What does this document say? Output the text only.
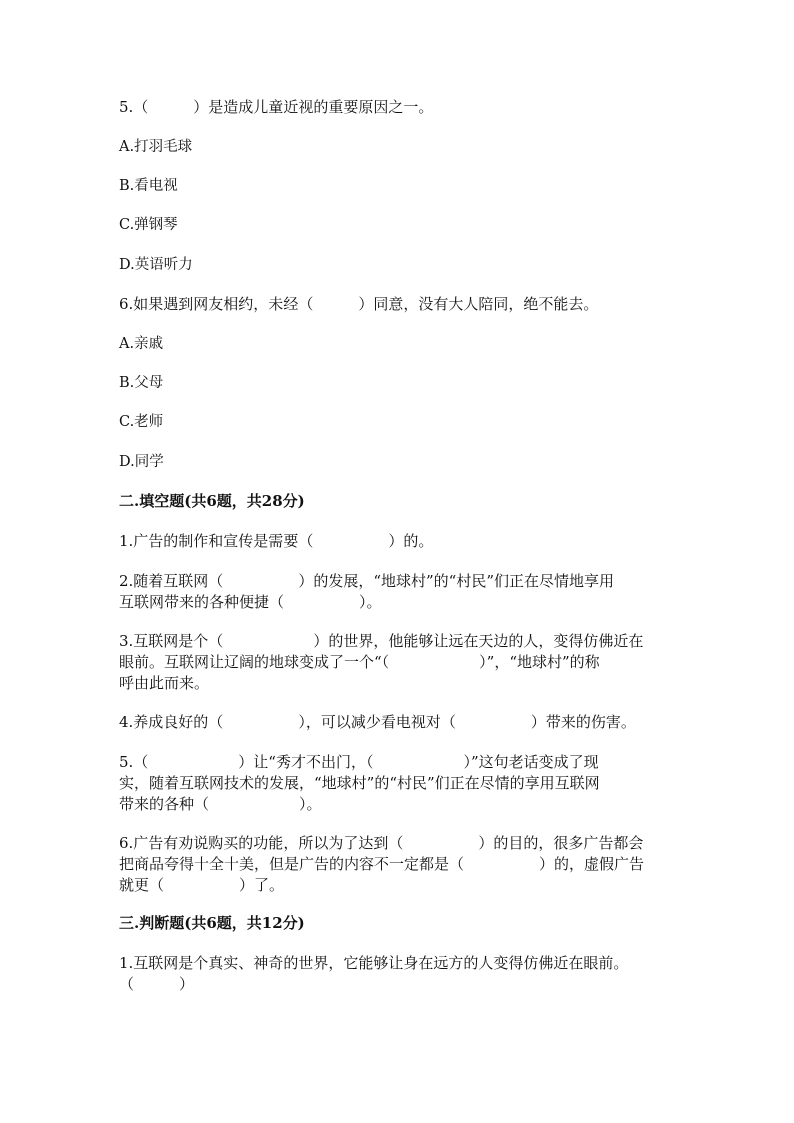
5.（　　　）是造成儿童近视的重要原因之一。
A.打羽毛球
B.看电视
C.弹钢琴
D.英语听力
6.如果遇到网友相约，未经（　　　）同意，没有大人陪同，绝不能去。
A.亲戚
B.父母
C.老师
D.同学
二.填空题(共6题，共28分)
1.广告的制作和宣传是需要（　　　　　）的。
2.随着互联网（　　　　　）的发展，“地球村”的“村民”们正在尽情地享用
互联网带来的各种便捷（　　　　　）。
3.互联网是个（　　　　　　）的世界，他能够让远在天边的人，变得仿佛近在
眼前。互联网让辽阔的地球变成了一个“（　　　　　　）”，“地球村”的称
呼由此而来。
4.养成良好的（　　　　　），可以减少看电视对（　　　　　）带来的伤害。
5.（　　　　　　）让“秀才不出门，（　　　　　　）”这句老话变成了现
实，随着互联网技术的发展，“地球村”的“村民”们正在尽情的享用互联网
带来的各种（　　　　　　）。
6.广告有劝说购买的功能，所以为了达到（　　　　　）的目的，很多广告都会
把商品夸得十全十美，但是广告的内容不一定都是（　　　　　）的，虚假广告
就更（　　　　　）了。
三.判断题(共6题，共12分)
1.互联网是个真实、神奇的世界，它能够让身在远方的人变得仿佛近在眼前。
（　　　）
